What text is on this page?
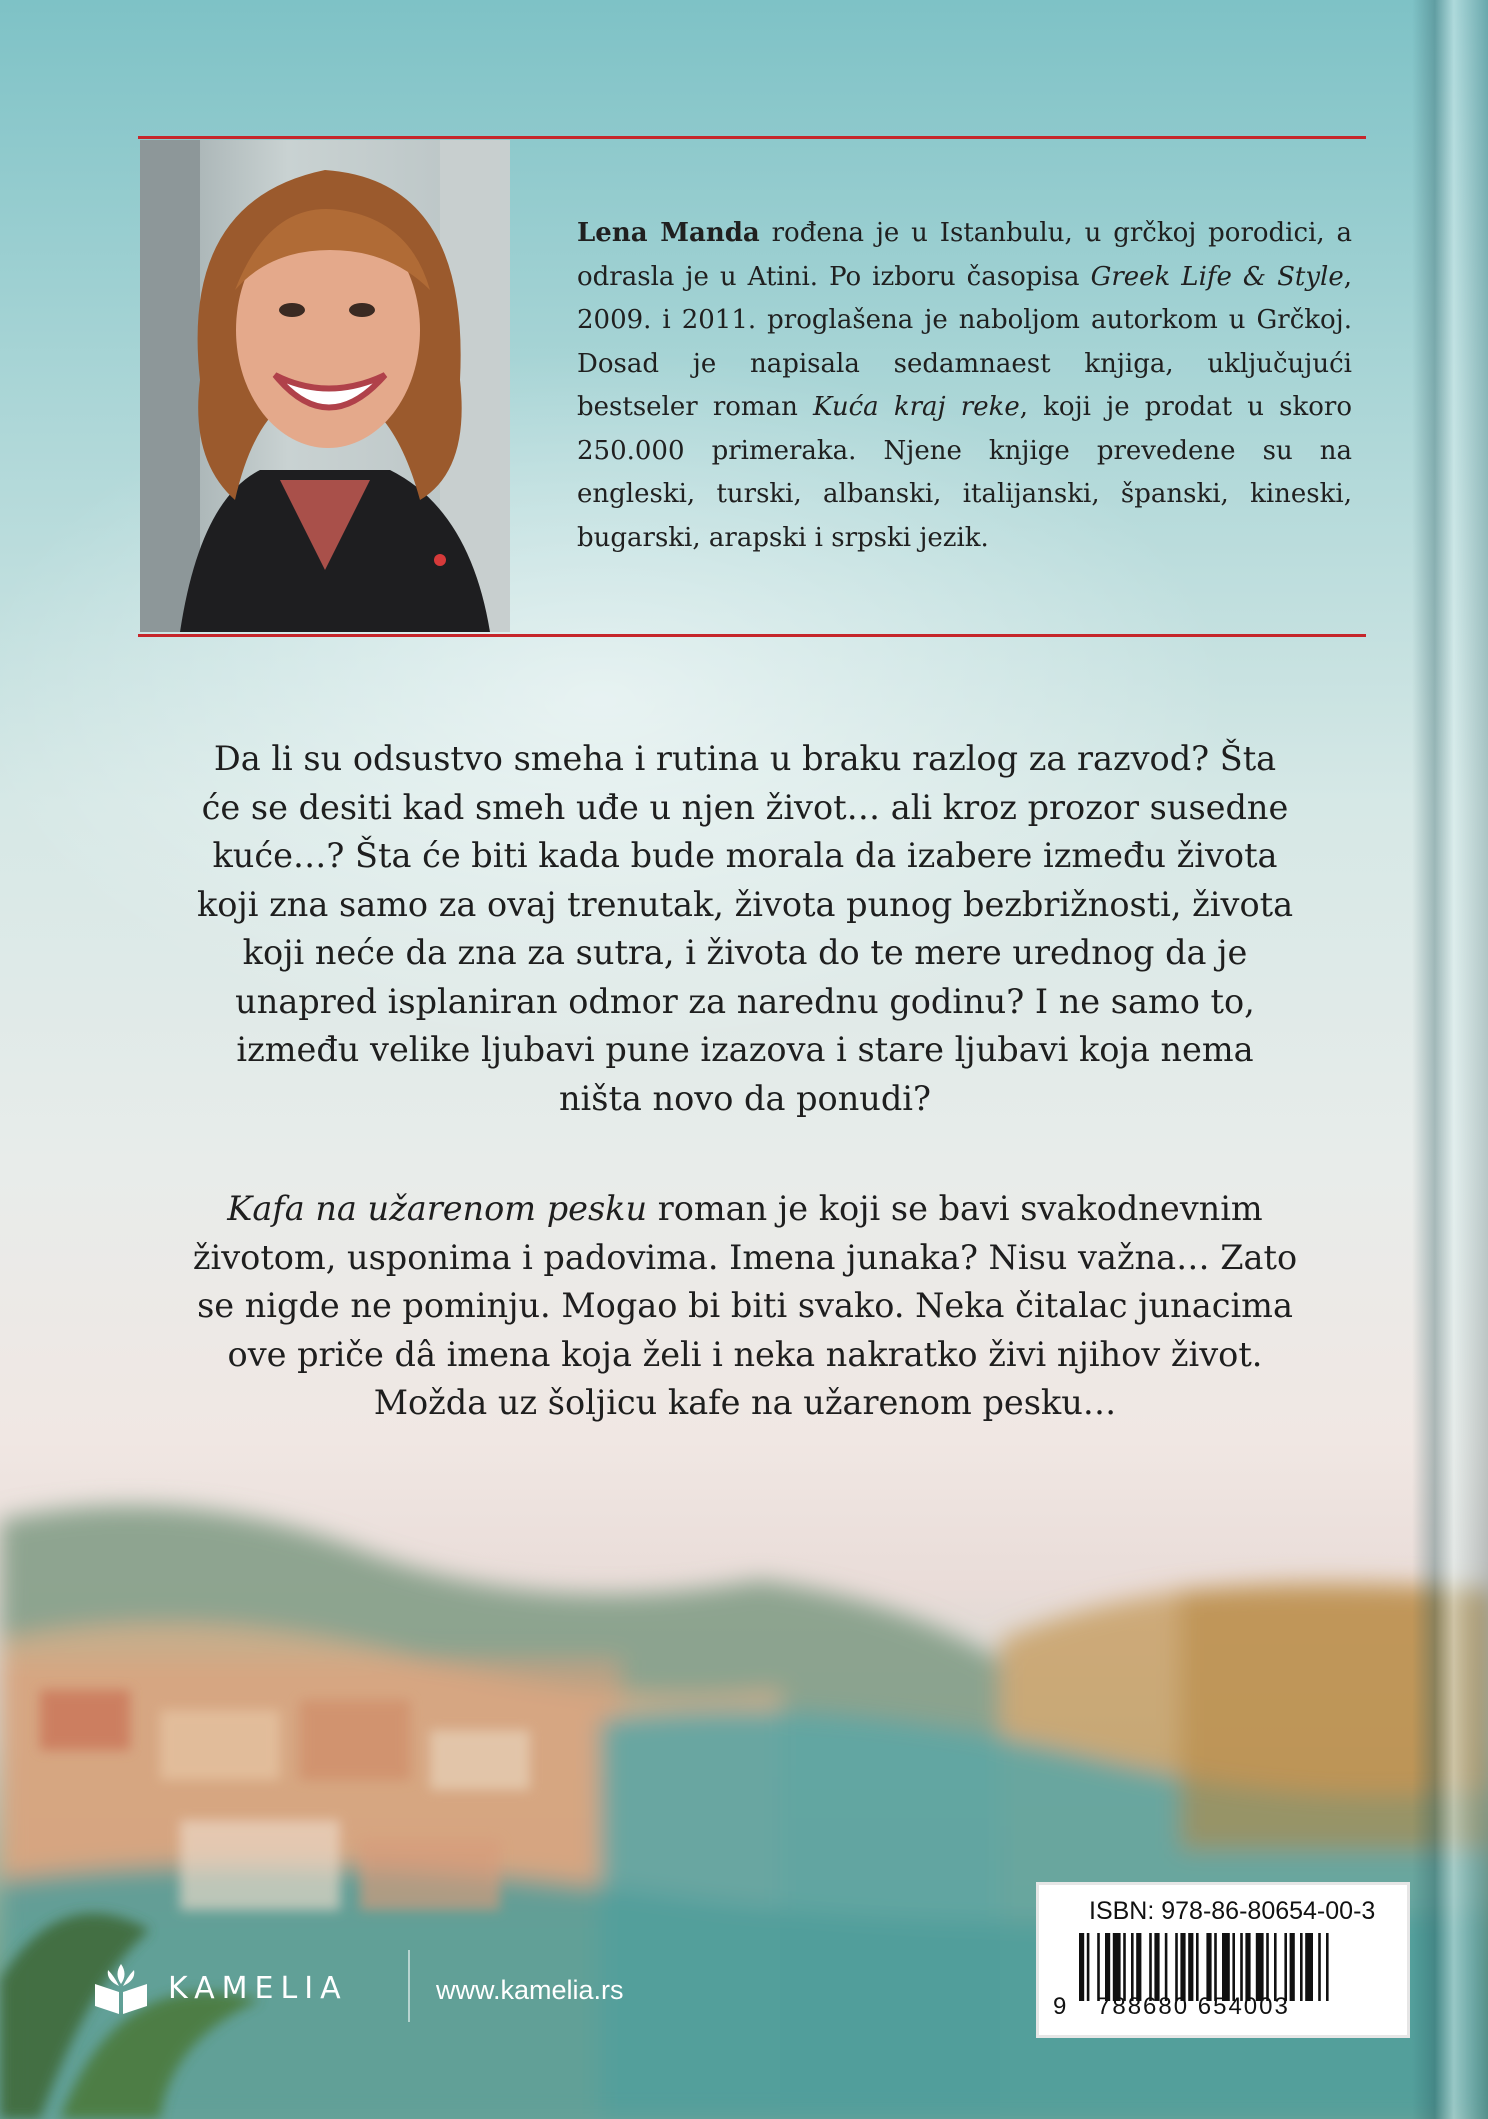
Lena Manda rođena je u Istanbulu, u grčkoj porodici, a odrasla je u Atini. Po izboru časopisa Greek Life & Style, 2009. i 2011. proglašena je naboljom autorkom u Grčkoj. Dosad je napisala sedamnaest knjiga, uključujući bestseler roman Kuća kraj reke, koji je prodat u skoro 250.000 primeraka. Njene knjige prevedene su na engleski, turski, albanski, italijanski, španski, kineski, bugarski, arapski i srpski jezik.
Da li su odsustvo smeha i rutina u braku razlog za razvod? Šta će se desiti kad smeh uđe u njen život… ali kroz prozor susedne kuće…? Šta će biti kada bude morala da izabere između života koji zna samo za ovaj trenutak, života punog bezbrižnosti, života koji neće da zna za sutra, i života do te mere urednog da je unapred isplaniran odmor za narednu godinu? I ne samo to, između velike ljubavi pune izazova i stare ljubavi koja nema ništa novo da ponudi?
Kafa na užarenom pesku roman je koji se bavi svakodnevnim životom, usponima i padovima. Imena junaka? Nisu važna… Zato se nigde ne pominju. Mogao bi biti svako. Neka čitalac junacima ove priče dâ imena koja želi i neka nakratko živi njihov život. Možda uz šoljicu kafe na užarenom pesku…
KAMELIA	www.kamelia.rs
ISBN: 978-86-80654-00-3
9 788680 654003
